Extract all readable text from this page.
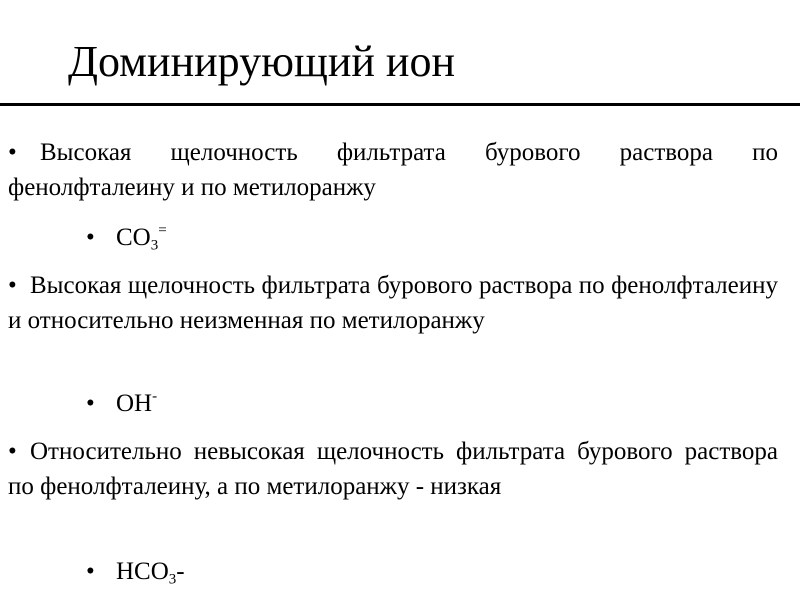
Доминирующий ион
• Высокая щелочность фильтрата бурового раствора по фенолфталеину и по метилоранжу
• $CO_3^=$
• Высокая щелочность фильтрата бурового раствора по фенолфталеину и относительно неизменная по метилоранжу
• OH-
• Относительно невысокая щелочность фильтрата бурового раствора по фенолфталеину, а по метилоранжу - низкая
• $HCO_3-$
